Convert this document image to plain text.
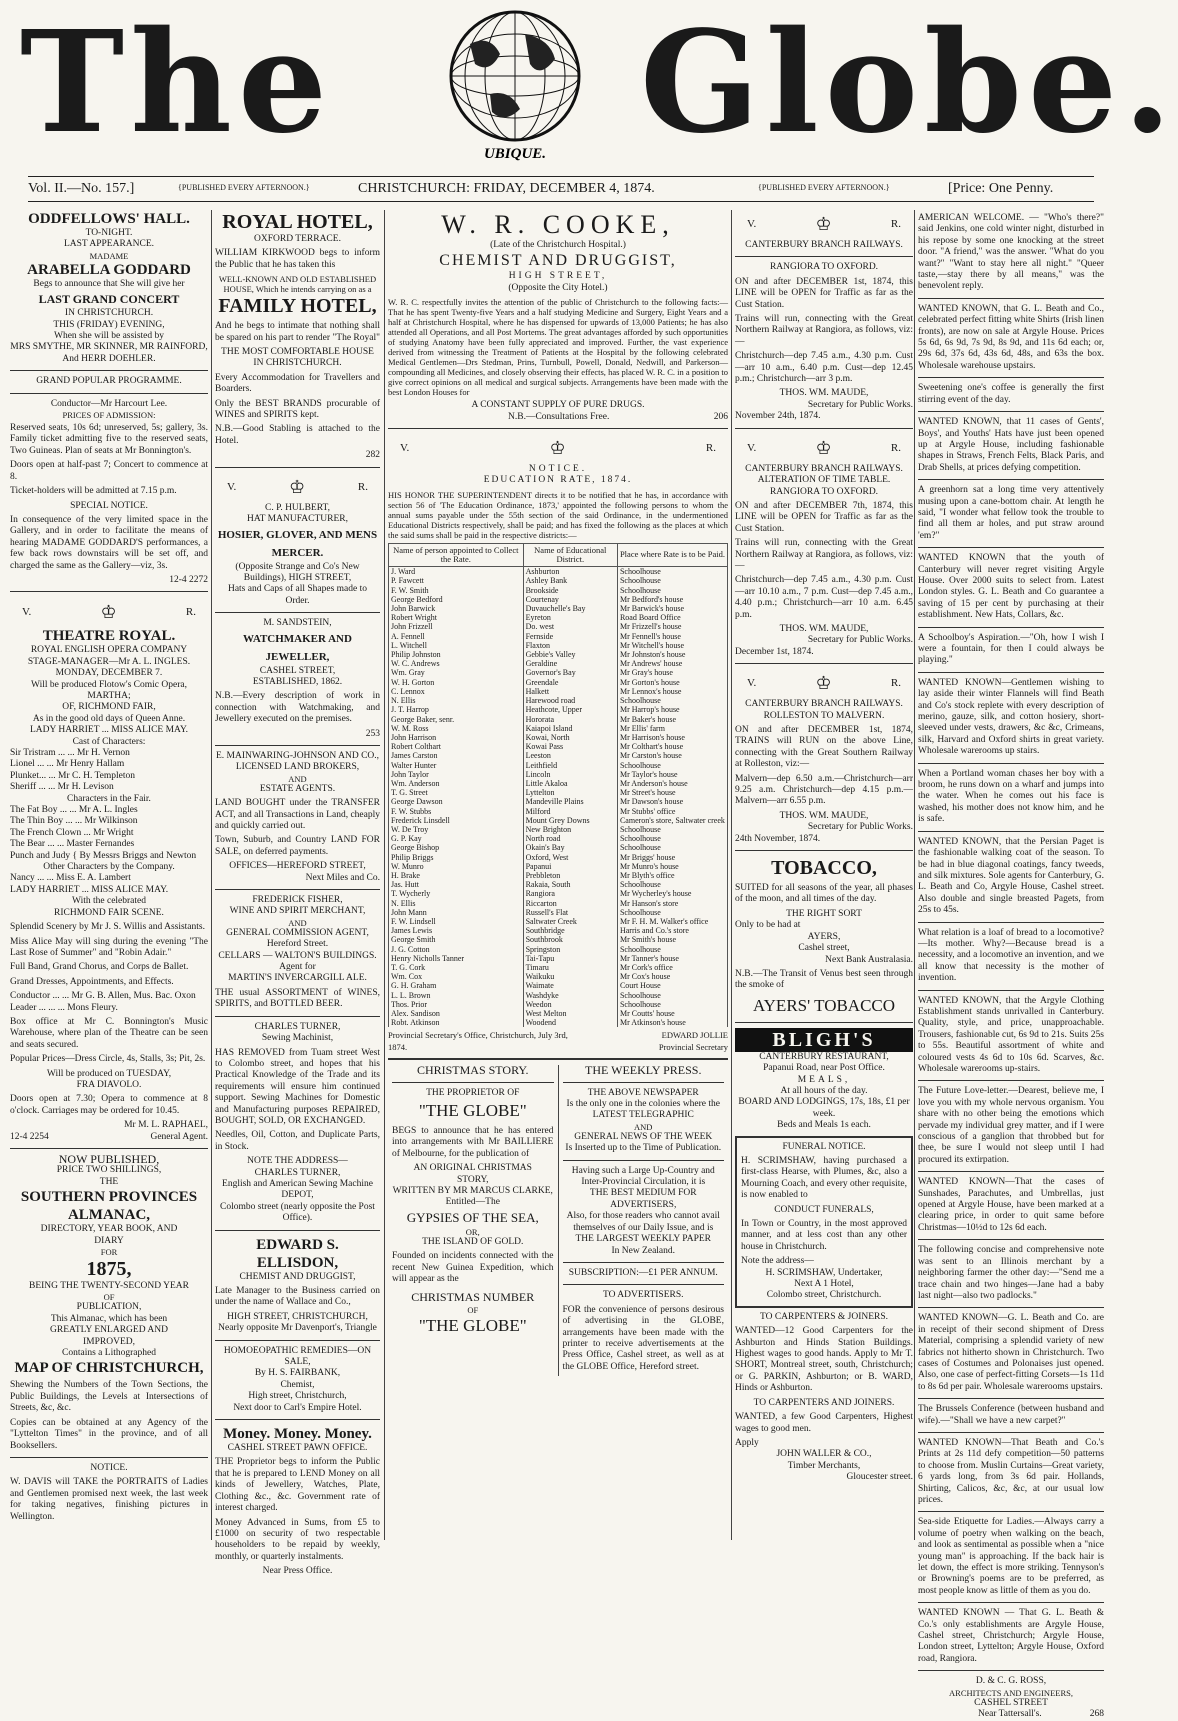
The	UBIQUE. Globe.
Vol. II.—No. 157.]	{PUBLISHED EVERY AFTERNOON.}	CHRISTCHURCH: FRIDAY, DECEMBER 4, 1874.	{PUBLISHED EVERY AFTERNOON.}	[Price: One Penny.
ODDFELLOWS' HALL.
TO-NIGHT.
LAST APPEARANCE.
MADAME
ARABELLA GODDARD
Begs to announce that She will give her
LAST GRAND CONCERT
IN CHRISTCHURCH.
THIS (FRIDAY) EVENING,
When she will be assisted by
MRS SMYTHE, MR SKINNER, MR RAINFORD, And HERR DOEHLER.
GRAND POPULAR PROGRAMME.
Conductor—Mr Harcourt Lee.
PRICES OF ADMISSION:
Reserved seats, 10s 6d; unreserved, 5s; gallery, 3s. Family ticket admitting five to the reserved seats, Two Guineas. Plan of seats at Mr Bonnington's.
Doors open at half-past 7; Concert to commence at 8.
Ticket-holders will be admitted at 7.15 p.m.
SPECIAL NOTICE.
In consequence of the very limited space in the Gallery, and in order to facilitate the means of hearing MADAME GODDARD'S performances, a few back rows downstairs will be set off, and charged the same as the Gallery—viz, 3s.
12-4 2272
V.	♔	R.
THEATRE ROYAL.
ROYAL ENGLISH OPERA COMPANY
STAGE-MANAGER—Mr A. L. INGLES.
MONDAY, DECEMBER 7.
Will be produced Flotow's Comic Opera,
MARTHA;
OF, RICHMOND FAIR,
As in the good old days of Queen Anne.
LADY HARRIET ... MISS ALICE MAY.
Cast of Characters:
Sir Tristram ... ... Mr H. Vernon
Lionel ... ... Mr Henry Hallam
Plunket... ... Mr C. H. Templeton
Sheriff ... ... Mr H. Levison
Characters in the Fair.
The Fat Boy ... ... Mr A. L. Ingles
The Thin Boy ... ... Mr Wilkinson
The French Clown ... Mr Wright
The Bear ... ... Master Fernandes
Punch and Judy { By Messrs Briggs and Newton
Other Characters by the Company.
Nancy ... ... Miss E. A. Lambert
LADY HARRIET ... MISS ALICE MAY.
With the celebrated
RICHMOND FAIR SCENE.
Splendid Scenery by Mr J. S. Willis and Assistants.
Miss Alice May will sing during the evening "The Last Rose of Summer" and "Robin Adair."
Full Band, Grand Chorus, and Corps de Ballet.
Grand Dresses, Appointments, and Effects.
Conductor ... ... Mr G. B. Allen, Mus. Bac. Oxon
Leader ... ... ... Mons Fleury.
Box office at Mr C. Bonnington's Music Warehouse, where plan of the Theatre can be seen and seats secured.
Popular Prices—Dress Circle, 4s, Stalls, 3s; Pit, 2s.
Will be produced on TUESDAY,
FRA DIAVOLO.
Doors open at 7.30; Opera to commence at 8 o'clock. Carriages may be ordered for 10.45.
Mr M. L. RAPHAEL,
12-4 2254	General Agent.
NOW PUBLISHED,
PRICE TWO SHILLINGS,
THE
SOUTHERN PROVINCES
ALMANAC,
DIRECTORY, YEAR BOOK, AND
DIARY
FOR
1875,
BEING THE TWENTY-SECOND YEAR
OF
PUBLICATION,
This Almanac, which has been
GREATLY ENLARGED AND
IMPROVED,
Contains a Lithographed
MAP OF CHRISTCHURCH,
Shewing the Numbers of the Town Sections, the Public Buildings, the Levels at Intersections of Streets, &c, &c.
Copies can be obtained at any Agency of the "Lyttelton Times" in the province, and of all Booksellers.
NOTICE.
W. DAVIS will TAKE the PORTRAITS of Ladies and Gentlemen promised next week, the last week for taking negatives, finishing pictures in Wellington.
ROYAL HOTEL,
OXFORD TERRACE.
WILLIAM KIRKWOOD begs to inform the Public that he has taken this
WELL-KNOWN AND OLD ESTABLISHED HOUSE, Which he intends carrying on as a
FAMILY HOTEL,
And he begs to intimate that nothing shall be spared on his part to render "The Royal"
THE MOST COMFORTABLE HOUSE IN CHRISTCHURCH.
Every Accommodation for Travellers and Boarders.
Only the BEST BRANDS procurable of WINES and SPIRITS kept.
N.B.—Good Stabling is attached to the Hotel.
282
V.	♔	R.
C. P. HULBERT,
HAT MANUFACTURER,
HOSIER, GLOVER, AND MENS MERCER.
(Opposite Strange and Co's New Buildings), HIGH STREET,
Hats and Caps of all Shapes made to Order.
M. SANDSTEIN,
WATCHMAKER AND JEWELLER,
CASHEL STREET,
ESTABLISHED, 1862.
N.B.—Every description of work in connection with Watchmaking, and Jewellery executed on the premises.
253
E. MAINWARING-JOHNSON AND CO.,
LICENSED LAND BROKERS,
AND
ESTATE AGENTS.
LAND BOUGHT under the TRANSFER ACT, and all Transactions in Land, cheaply and quickly carried out.
Town, Suburb, and Country LAND FOR SALE, on deferred payments.
OFFICES—HEREFORD STREET,
Next Miles and Co.
FREDERICK FISHER,
WINE AND SPIRIT MERCHANT,
AND
GENERAL COMMISSION AGENT,
Hereford Street.
CELLARS — WALTON'S BUILDINGS.
Agent for
MARTIN'S INVERCARGILL ALE.
THE usual ASSORTMENT of WINES, SPIRITS, and BOTTLED BEER.
CHARLES TURNER,
Sewing Machinist,
HAS REMOVED from Tuam street West to Colombo street, and hopes that his Practical Knowledge of the Trade and its requirements will ensure him continued support. Sewing Machines for Domestic and Manufacturing purposes REPAIRED, BOUGHT, SOLD, OR EXCHANGED.
Needles, Oil, Cotton, and Duplicate Parts, in Stock.
NOTE THE ADDRESS—
CHARLES TURNER,
English and American Sewing Machine
DEPOT,
Colombo street (nearly opposite the Post Office).
EDWARD S. ELLISDON,
CHEMIST AND DRUGGIST,
Late Manager to the Business carried on under the name of Wallace and Co.,
HIGH STREET, CHRISTCHURCH,
Nearly opposite Mr Davenport's, Triangle
HOMOEOPATHIC REMEDIES—ON SALE,
By H. S. FAIRBANK,
Chemist,
High street, Christchurch,
Next door to Carl's Empire Hotel.
Money. Money. Money.
CASHEL STREET PAWN OFFICE.
THE Proprietor begs to inform the Public that he is prepared to LEND Money on all kinds of Jewellery, Watches, Plate, Clothing &c., &c. Government rate of interest charged.
Money Advanced in Sums, from £5 to £1000 on security of two respectable householders to be repaid by weekly, monthly, or quarterly instalments.
Near Press Office.
W. R. COOKE,
(Late of the Christchurch Hospital.)
CHEMIST AND DRUGGIST,
HIGH STREET,
(Opposite the City Hotel.)
W. R. C. respectfully invites the attention of the public of Christchurch to the following facts:—That he has spent Twenty-five Years and a half studying Medicine and Surgery, Eight Years and a half at Christchurch Hospital, where he has dispensed for upwards of 13,000 Patients; he has also attended all Operations, and all Post Mortems. The great advantages afforded by such opportunities of studying Anatomy have been fully appreciated and improved. Further, the vast experience derived from witnessing the Treatment of Patients at the Hospital by the following celebrated Medical Gentlemen—Drs Stedman, Prins, Turnbull, Powell, Donald, Nedwill, and Parkerson—compounding all Medicines, and closely observing their effects, has placed W. R. C. in a position to give correct opinions on all medical and surgical subjects. Arrangements have been made with the best London Houses for
A CONSTANT SUPPLY OF PURE DRUGS.
N.B.—Consultations Free.	206
V.	♔	R.
NOTICE.
EDUCATION RATE, 1874.
HIS HONOR THE SUPERINTENDENT directs it to be notified that he has, in accordance with section 56 of 'The Education Ordinance, 1873,' appointed the following persons to whom the annual sums payable under the 55th section of the said Ordinance, in the undermentioned Educational Districts respectively, shall be paid; and has fixed the following as the places at which the said sums shall be paid in the respective districts:—
Name of person appointed to Collect the Rate.	Name of Educational District.	Place where Rate is to be Paid.
J. Ward	Ashburton	Schoolhouse
P. Fawcett	Ashley Bank	Schoolhouse
F. W. Smith	Brookside	Schoolhouse
George Bedford	Courtenay	Mr Bedford's house
John Barwick	Duvauchelle's Bay	Mr Barwick's house
Robert Wright	Eyreton	Road Board Office
John Frizzell	Do. west	Mr Frizzell's house
A. Fennell	Fernside	Mr Fennell's house
L. Witchell	Flaxton	Mr Witchell's house
Philip Johnston	Gebbie's Valley	Mr Johnston's house
W. C. Andrews	Geraldine	Mr Andrews' house
Wm. Gray	Governor's Bay	Mr Gray's house
W. H. Gorton	Greendale	Mr Gorton's house
C. Lennox	Halkett	Mr Lennox's house
N. Ellis	Harewood road	Schoolhouse
J. T. Harrop	Heathcote, Upper	Mr Harrop's house
George Baker, senr.	Hororata	Mr Baker's house
W. M. Ross	Kaiapoi Island	Mr Ellis' farm
John Harrison	Kowai, North	Mr Harrison's house
Robert Colthart	Kowai Pass	Mr Colthart's house
James Carston	Leeston	Mr Carston's house
Walter Hunter	Leithfield	Schoolhouse
John Taylor	Lincoln	Mr Taylor's house
Wm. Anderson	Little Akaloa	Mr Anderson's house
T. G. Street	Lyttelton	Mr Street's house
George Dawson	Mandeville Plains	Mr Dawson's house
F. W. Stubbs	Milford	Mr Stubbs' office
Frederick Linsdell	Mount Grey Downs	Cameron's store, Saltwater creek
W. De Troy	New Brighton	Schoolhouse
G. P. Kay	North road	Schoolhouse
George Bishop	Okain's Bay	Schoolhouse
Philip Briggs	Oxford, West	Mr Briggs' house
W. Munro	Papanui	Mr Munro's house
H. Brake	Prebbleton	Mr Blyth's office
Jas. Hutt	Rakaia, South	Schoolhouse
T. Wycherly	Rangiora	Mr Wycherley's house
N. Ellis	Riccarton	Mr Hanson's store
John Mann	Russell's Flat	Schoolhouse
F. W. Lindsell	Saltwater Creek	Mr F. H. M. Walker's office
James Lewis	Southbridge	Harris and Co.'s store
George Smith	Southbrook	Mr Smith's house
J. G. Cotton	Springston	Schoolhouse
Henry Nicholls Tanner	Tai-Tapu	Mr Tanner's house
T. G. Cork	Timaru	Mr Cork's office
Wm. Cox	Waikuku	Mr Cox's house
G. H. Graham	Waimate	Court House
L. L. Brown	Washdyke	Schoolhouse
Thos. Prior	Weedon	Schoolhouse
Alex. Sandison	West Melton	Mr Coutts' house
Robt. Atkinson	Woodend	Mr Atkinson's house
Provincial Secretary's Office, Christchurch, July 3rd, 1874.
EDWARD JOLLIE
Provincial Secretary
CHRISTMAS STORY.
THE PROPRIETOR OF
"THE GLOBE"
BEGS to announce that he has entered into arrangements with Mr BAILLIERE of Melbourne, for the publication of
AN ORIGINAL CHRISTMAS
STORY,
WRITTEN BY MR MARCUS CLARKE,
Entitled—The
GYPSIES OF THE SEA,
OR,
THE ISLAND OF GOLD.
Founded on incidents connected with the recent New Guinea Expedition, which will appear as the
CHRISTMAS NUMBER
OF
"THE GLOBE"
THE WEEKLY PRESS.
THE ABOVE NEWSPAPER
Is the only one in the colonies where the
LATEST TELEGRAPHIC
AND
GENERAL NEWS OF THE WEEK
Is Inserted up to the Time of Publication.
Having such a Large Up-Country and Inter-Provincial Circulation, it is
THE BEST MEDIUM FOR ADVERTISERS,
Also, for those readers who cannot avail themselves of our Daily Issue, and is
THE LARGEST WEEKLY PAPER
In New Zealand.
SUBSCRIPTION:—£1 PER ANNUM.
TO ADVERTISERS.
FOR the convenience of persons desirous of advertising in the GLOBE, arrangements have been made with the printer to receive advertisements at the Press Office, Cashel street, as well as at the GLOBE Office, Hereford street.
V.	♔	R.
CANTERBURY BRANCH RAILWAYS.
RANGIORA TO OXFORD.
ON and after DECEMBER 1st, 1874, this LINE will be OPEN for Traffic as far as the Cust Station.
Trains will run, connecting with the Great Northern Railway at Rangiora, as follows, viz:—
Christchurch—dep 7.45 a.m., 4.30 p.m. Cust—arr 10 a.m., 6.40 p.m. Cust—dep 12.45 p.m.; Christchurch—arr 3 p.m.
THOS. WM. MAUDE,
Secretary for Public Works.
November 24th, 1874.
V.	♔	R.
CANTERBURY BRANCH RAILWAYS.
ALTERATION OF TIME TABLE.
RANGIORA TO OXFORD.
ON and after DECEMBER 7th, 1874, this LINE will be OPEN for Traffic as far as the Cust Station.
Trains will run, connecting with the Great Northern Railway at Rangiora, as follows, viz:—
Christchurch—dep 7.45 a.m., 4.30 p.m. Cust—arr 10.10 a.m., 7 p.m. Cust—dep 7.45 a.m., 4.40 p.m.; Christchurch—arr 10 a.m. 6.45 p.m.
THOS. WM. MAUDE,
Secretary for Public Works.
December 1st, 1874.
V.	♔	R.
CANTERBURY BRANCH RAILWAYS.
ROLLESTON TO MALVERN.
ON and after DECEMBER 1st, 1874, TRAINS will RUN on the above Line, connecting with the Great Southern Railway at Rolleston, viz:—
Malvern—dep 6.50 a.m.—Christchurch—arr 9.25 a.m. Christchurch—dep 4.15 p.m.—Malvern—arr 6.55 p.m.
THOS. WM. MAUDE,
Secretary for Public Works.
24th November, 1874.
TOBACCO,
SUITED for all seasons of the year, all phases of the moon, and all times of the day.
THE RIGHT SORT
Only to be had at
AYERS,
Cashel street,
Next Bank Australasia.
N.B.—The Transit of Venus best seen through the smoke of
AYERS' TOBACCO
BLIGH'S
CANTERBURY RESTAURANT,
Papanui Road, near Post Office.
MEALS,
At all hours of the day.
BOARD AND LODGINGS, 17s, 18s, £1 per week.
Beds and Meals 1s each.
FUNERAL NOTICE.
H. SCRIMSHAW, having purchased a first-class Hearse, with Plumes, &c, also a Mourning Coach, and every other requisite, is now enabled to
CONDUCT FUNERALS,
In Town or Country, in the most approved manner, and at less cost than any other house in Christchurch.
Note the address—
H. SCRIMSHAW, Undertaker,
Next A 1 Hotel,
Colombo street, Christchurch.
TO CARPENTERS & JOINERS.
WANTED—12 Good Carpenters for the Ashburton and Hinds Station Buildings. Highest wages to good hands. Apply to Mr T. SHORT, Montreal street, south, Christchurch; or G. PARKIN, Ashburton; or B. WARD, Hinds or Ashburton.
TO CARPENTERS AND JOINERS.
WANTED, a few Good Carpenters, Highest wages to good men.
Apply
JOHN WALLER & CO.,
Timber Merchants,
Gloucester street.
AMERICAN WELCOME. — "Who's there?" said Jenkins, one cold winter night, disturbed in his repose by some one knocking at the street door. "A friend," was the answer. "What do you want?" "Want to stay here all night." "Queer taste,—stay there by all means," was the benevolent reply.
WANTED KNOWN, that G. L. Beath and Co., celebrated perfect fitting white Shirts (Irish linen fronts), are now on sale at Argyle House. Prices 5s 6d, 6s 9d, 7s 9d, 8s 9d, and 11s 6d each; or, 29s 6d, 37s 6d, 43s 6d, 48s, and 63s the box. Wholesale warehouse upstairs.
Sweetening one's coffee is generally the first stirring event of the day.
WANTED KNOWN, that 11 cases of Gents', Boys', and Youths' Hats have just been opened up at Argyle House, including fashionable shapes in Straws, French Felts, Black Paris, and Drab Shells, at prices defying competition.
A greenhorn sat a long time very attentively musing upon a cane-bottom chair. At length he said, "I wonder what fellow took the trouble to find all them ar holes, and put straw around 'em?"
WANTED KNOWN that the youth of Canterbury will never regret visiting Argyle House. Over 2000 suits to select from. Latest London styles. G. L. Beath and Co guarantee a saving of 15 per cent by purchasing at their establishment. New Hats, Collars, &c.
A Schoolboy's Aspiration.—"Oh, how I wish I were a fountain, for then I could always be playing."
WANTED KNOWN—Gentlemen wishing to lay aside their winter Flannels will find Beath and Co's stock replete with every description of merino, gauze, silk, and cotton hosiery, short-sleeved under vests, drawers, &c &c, Crimeans, silk, Harvard and Oxford shirts in great variety. Wholesale warerooms up stairs.
When a Portland woman chases her boy with a broom, he runs down on a wharf and jumps into the water. When he comes out his face is washed, his mother does not know him, and he is safe.
WANTED KNOWN, that the Persian Paget is the fashionable walking coat of the season. To be had in blue diagonal coatings, fancy tweeds, and silk mixtures. Sole agents for Canterbury, G. L. Beath and Co, Argyle House, Cashel street. Also double and single breasted Pagets, from 25s to 45s.
What relation is a loaf of bread to a locomotive?—Its mother. Why?—Because bread is a necessity, and a locomotive an invention, and we all know that necessity is the mother of invention.
WANTED KNOWN, that the Argyle Clothing Establishment stands unrivalled in Canterbury. Quality, style, and price, unapproachable. Trousers, fashionable cut, 6s 9d to 21s. Suits 25s to 55s. Beautiful assortment of white and coloured vests 4s 6d to 10s 6d. Scarves, &c. Wholesale warerooms up-stairs.
The Future Love-letter.—Dearest, believe me, I love you with my whole nervous organism. You share with no other being the emotions which pervade my individual grey matter, and if I were conscious of a ganglion that throbbed but for thee, be sure I would not sleep until I had procured its extirpation.
WANTED KNOWN—That the cases of Sunshades, Parachutes, and Umbrellas, just opened at Argyle House, have been marked at a clearing price, in order to quit same before Christmas—10½d to 12s 6d each.
The following concise and comprehensive note was sent to an Illinois merchant by a neighboring farmer the other day:—"Send me a trace chain and two hinges—Jane had a baby last night—also two padlocks."
WANTED KNOWN—G. L. Beath and Co. are in receipt of their second shipment of Dress Material, comprising a splendid variety of new fabrics not hitherto shown in Christchurch. Two cases of Costumes and Polonaises just opened. Also, one case of perfect-fitting Corsets—1s 11d to 8s 6d per pair. Wholesale warerooms upstairs.
The Brussels Conference (between husband and wife).—"Shall we have a new carpet?"
WANTED KNOWN—That Beath and Co.'s Prints at 2s 11d defy competition—50 patterns to choose from. Muslin Curtains—Great variety, 6 yards long, from 3s 6d pair. Hollands, Shirting, Calicos, &c, &c, at our usual low prices.
Sea-side Etiquette for Ladies.—Always carry a volume of poetry when walking on the beach, and look as sentimental as possible when a "nice young man" is approaching. If the back hair is let down, the effect is more striking. Tennyson's or Browning's poems are to be preferred, as most people know as little of them as you do.
WANTED KNOWN — That G. L. Beath & Co.'s only establishments are Argyle House, Cashel street, Christchurch; Argyle House, London street, Lyttelton; Argyle House, Oxford road, Rangiora.
D. & C. G. ROSS,
ARCHITECTS AND ENGINEERS,
CASHEL STREET
Near Tattersall's.	268
